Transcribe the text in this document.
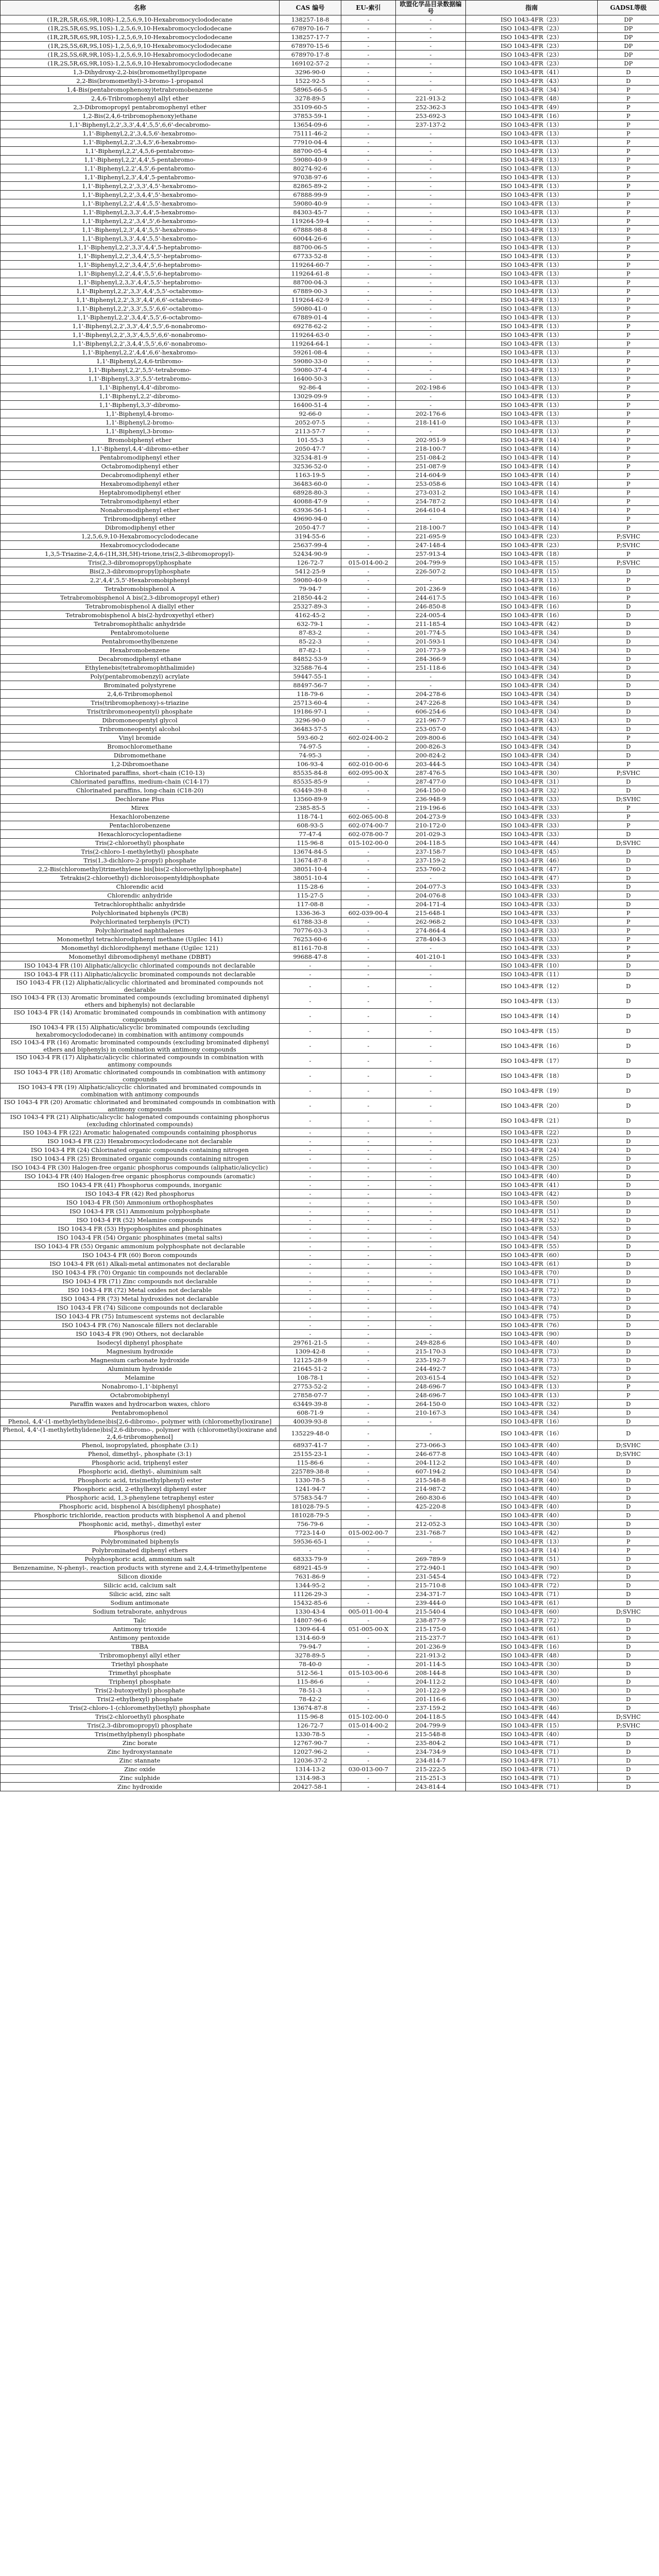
名称	CAS 编号	EU-索引	欧盟化学品目录数据编号	指南	GADSL等级
(1R,2R,5R,6S,9R,10R)-1,2,5,6,9,10-Hexabromocyclododecane	138257-18-8	-	-	ISO 1043-4FR（23）	DP
(1R,2S,5R,6S,9S,10S)-1,2,5,6,9,10-Hexabromocyclododecane	678970-16-7	-	-	ISO 1043-4FR（23）	DP
(1R,2R,5R,6S,9R,10S)-1,2,5,6,9,10-Hexabromocyclododecane	138257-17-7	-	-	ISO 1043-4FR（23）	DP
(1R,2S,5S,6R,9S,10S)-1,2,5,6,9,10-Hexabromocyclododecane	678970-15-6	-	-	ISO 1043-4FR（23）	DP
(1R,2S,5S,6R,9R,10S)-1,2,5,6,9,10-Hexabromocyclododecane	678970-17-8	-	-	ISO 1043-4FR（23）	DP
(1R,2S,5R,6S,9R,10S)-1,2,5,6,9,10-Hexabromocyclododecane	169102-57-2	-	-	ISO 1043-4FR（23）	DP
1,3-Dihydroxy-2,2-bis(bromomethyl)propane	3296-90-0	-	-	ISO 1043-4FR（41）	D
2,2-Bis(bromomethyl)-3-bromo-1-propanol	1522-92-5	-	-	ISO 1043-4FR（43）	D
1,4-Bis(pentabromophenoxy)tetrabromobenzene	58965-66-5	-	-	ISO 1043-4FR（34）	P
2,4,6-Tribromophenyl allyl ether	3278-89-5	-	221-913-2	ISO 1043-4FR（48）	P
2,3-Dibromopropyl pentabromophenyl ether	35109-60-5	-	252-362-3	ISO 1043-4FR（49）	P
1,2-Bis(2,4,6-tribromophenoxy)ethane	37853-59-1	-	253-692-3	ISO 1043-4FR（16）	P
1,1'-Biphenyl,2,2',3,3',4,4',5,5',6,6'-decabromo-	13654-09-6	-	237-137-2	ISO 1043-4FR（13）	P
1,1'-Biphenyl,2,2',3,4,5,6'-hexabromo-	75111-46-2	-	-	ISO 1043-4FR（13）	P
1,1'-Biphenyl,2,2',3,4,5',6-hexabromo-	77910-04-4	-	-	ISO 1043-4FR（13）	P
1,1'-Biphenyl,2,2',4,5,6-pentabromo-	88700-05-4	-	-	ISO 1043-4FR（13）	P
1,1'-Biphenyl,2,2',4,4',5-pentabromo-	59080-40-9	-	-	ISO 1043-4FR（13）	P
1,1'-Biphenyl,2,2',4,5',6-pentabromo-	80274-92-6	-	-	ISO 1043-4FR（13）	P
1,1'-Biphenyl,2,3',4,4',5-pentabromo-	97038-97-6	-	-	ISO 1043-4FR（13）	P
1,1'-Biphenyl,2,2',3,3',4,5'-hexabromo-	82865-89-2	-	-	ISO 1043-4FR（13）	P
1,1'-Biphenyl,2,2',3,4,4',5'-hexabromo-	67888-99-9	-	-	ISO 1043-4FR（13）	P
1,1'-Biphenyl,2,2',4,4',5,5'-hexabromo-	59080-40-9	-	-	ISO 1043-4FR（13）	P
1,1'-Biphenyl,2,3,3',4,4',5-hexabromo-	84303-45-7	-	-	ISO 1043-4FR（13）	P
1,1'-Biphenyl,2,2',3,4',5',6-hexabromo-	119264-59-4	-	-	ISO 1043-4FR（13）	P
1,1'-Biphenyl,2,3',4,4',5,5'-hexabromo-	67888-98-8	-	-	ISO 1043-4FR（13）	P
1,1'-Biphenyl,3,3',4,4',5,5'-hexabromo-	60044-26-6	-	-	ISO 1043-4FR（13）	P
1,1'-Biphenyl,2,2',3,3',4,4',5-heptabromo-	88700-06-5	-	-	ISO 1043-4FR（13）	P
1,1'-Biphenyl,2,2',3,4,4',5,5'-heptabromo-	67733-52-8	-	-	ISO 1043-4FR（13）	P
1,1'-Biphenyl,2,2',3,4,4',5',6-heptabromo-	119264-60-7	-	-	ISO 1043-4FR（13）	P
1,1'-Biphenyl,2,2',4,4',5,5',6-heptabromo-	119264-61-8	-	-	ISO 1043-4FR（13）	P
1,1'-Biphenyl,2,3,3',4,4',5,5'-heptabromo-	88700-04-3	-	-	ISO 1043-4FR（13）	P
1,1'-Biphenyl,2,2',3,3',4,4',5,5'-octabromo-	67889-00-3	-	-	ISO 1043-4FR（13）	P
1,1'-Biphenyl,2,2',3,3',4,4',6,6'-octabromo-	119264-62-9	-	-	ISO 1043-4FR（13）	P
1,1'-Biphenyl,2,2',3,3',5,5',6,6'-octabromo-	59080-41-0	-	-	ISO 1043-4FR（13）	P
1,1'-Biphenyl,2,2',3,4,4',5,5',6-octabromo-	67889-01-4	-	-	ISO 1043-4FR（13）	P
1,1'-Biphenyl,2,2',3,3',4,4',5,5',6-nonabromo-	69278-62-2	-	-	ISO 1043-4FR（13）	P
1,1'-Biphenyl,2,2',3,3',4,5,5',6,6'-nonabromo-	119264-63-0	-	-	ISO 1043-4FR（13）	P
1,1'-Biphenyl,2,2',3,4,4',5,5',6,6'-nonabromo-	119264-64-1	-	-	ISO 1043-4FR（13）	P
1,1'-Biphenyl,2,2',4,4',6,6'-hexabromo-	59261-08-4	-	-	ISO 1043-4FR（13）	P
1,1'-Biphenyl,2,4,6-tribromo-	59080-33-0	-	-	ISO 1043-4FR（13）	P
1,1'-Biphenyl,2,2',5,5'-tetrabromo-	59080-37-4	-	-	ISO 1043-4FR（13）	P
1,1'-Biphenyl,3,3',5,5'-tetrabromo-	16400-50-3	-	-	ISO 1043-4FR（13）	P
1,1'-Biphenyl,4,4'-dibromo-	92-86-4	-	202-198-6	ISO 1043-4FR（13）	P
1,1'-Biphenyl,2,2'-dibromo-	13029-09-9	-	-	ISO 1043-4FR（13）	P
1,1'-Biphenyl,3,3'-dibromo-	16400-51-4	-	-	ISO 1043-4FR（13）	P
1,1'-Biphenyl,4-bromo-	92-66-0	-	202-176-6	ISO 1043-4FR（13）	P
1,1'-Biphenyl,2-bromo-	2052-07-5	-	218-141-0	ISO 1043-4FR（13）	P
1,1'-Biphenyl,3-bromo-	2113-57-7	-	-	ISO 1043-4FR（13）	P
Bromobiphenyl ether	101-55-3	-	202-951-9	ISO 1043-4FR（14）	P
1,1'-Biphenyl,4,4'-dibromo-ether	2050-47-7	-	218-100-7	ISO 1043-4FR（14）	P
Pentabromodiphenyl ether	32534-81-9	-	251-084-2	ISO 1043-4FR（14）	P
Octabromodiphenyl ether	32536-52-0	-	251-087-9	ISO 1043-4FR（14）	P
Decabromodiphenyl ether	1163-19-5	-	214-604-9	ISO 1043-4FR（14）	P
Hexabromodiphenyl ether	36483-60-0	-	253-058-6	ISO 1043-4FR（14）	P
Heptabromodiphenyl ether	68928-80-3	-	273-031-2	ISO 1043-4FR（14）	P
Tetrabromodiphenyl ether	40088-47-9	-	254-787-2	ISO 1043-4FR（14）	P
Nonabromodiphenyl ether	63936-56-1	-	264-610-4	ISO 1043-4FR（14）	P
Tribromodiphenyl ether	49690-94-0	-	-	ISO 1043-4FR（14）	P
Dibromodiphenyl ether	2050-47-7	-	218-100-7	ISO 1043-4FR（14）	P
1,2,5,6,9,10-Hexabromocyclododecane	3194-55-6	-	221-695-9	ISO 1043-4FR（23）	P;SVHC
Hexabromocyclododecane	25637-99-4	-	247-148-4	ISO 1043-4FR（23）	P;SVHC
1,3,5-Triazine-2,4,6-(1H,3H,5H)-trione,tris(2,3-dibromopropyl)-	52434-90-9	-	257-913-4	ISO 1043-4FR（18）	P
Tris(2,3-dibromopropyl)phosphate	126-72-7	015-014-00-2	204-799-9	ISO 1043-4FR（15）	P;SVHC
Bis(2,3-dibromopropyl)phosphate	5412-25-9	-	226-507-2	ISO 1043-4FR（15）	D
2,2',4,4',5,5'-Hexabromobiphenyl	59080-40-9	-	-	ISO 1043-4FR（13）	P
Tetrabromobisphenol A	79-94-7	-	201-236-9	ISO 1043-4FR（16）	D
Tetrabromobisphenol A bis(2,3-dibromopropyl ether)	21850-44-2	-	244-617-5	ISO 1043-4FR（16）	P
Tetrabromobisphenol A diallyl ether	25327-89-3	-	246-850-8	ISO 1043-4FR（16）	D
Tetrabromobisphenol A bis(2-hydroxyethyl ether)	4162-45-2	-	224-005-4	ISO 1043-4FR（16）	D
Tetrabromophthalic anhydride	632-79-1	-	211-185-4	ISO 1043-4FR（42）	D
Pentabromotoluene	87-83-2	-	201-774-5	ISO 1043-4FR（34）	D
Pentabromoethylbenzene	85-22-3	-	201-593-1	ISO 1043-4FR（34）	D
Hexabromobenzene	87-82-1	-	201-773-9	ISO 1043-4FR（34）	D
Decabromodiphenyl ethane	84852-53-9	-	284-366-9	ISO 1043-4FR（34）	D
Ethylenebis(tetrabromophthalimide)	32588-76-4	-	251-118-6	ISO 1043-4FR（34）	D
Poly(pentabromobenzyl) acrylate	59447-55-1	-	-	ISO 1043-4FR（34）	D
Brominated polystyrene	88497-56-7	-	-	ISO 1043-4FR（34）	D
2,4,6-Tribromophenol	118-79-6	-	204-278-6	ISO 1043-4FR（34）	D
Tris(tribromophenoxy)-s-triazine	25713-60-4	-	247-226-8	ISO 1043-4FR（34）	D
Tris(tribromoneopentyl) phosphate	19186-97-1	-	606-254-6	ISO 1043-4FR（34）	D
Dibromoneopentyl glycol	3296-90-0	-	221-967-7	ISO 1043-4FR（43）	D
Tribromoneopentyl alcohol	36483-57-5	-	253-057-0	ISO 1043-4FR（43）	D
Vinyl bromide	593-60-2	602-024-00-2	209-800-6	ISO 1043-4FR（34）	P
Bromochloromethane	74-97-5	-	200-826-3	ISO 1043-4FR（34）	D
Dibromomethane	74-95-3	-	200-824-2	ISO 1043-4FR（34）	D
1,2-Dibromoethane	106-93-4	602-010-00-6	203-444-5	ISO 1043-4FR（34）	P
Chlorinated paraffins, short-chain (C10-13)	85535-84-8	602-095-00-X	287-476-5	ISO 1043-4FR（30）	P;SVHC
Chlorinated paraffins, medium-chain (C14-17)	85535-85-9	-	287-477-0	ISO 1043-4FR（31）	D
Chlorinated paraffins, long-chain (C18-20)	63449-39-8	-	264-150-0	ISO 1043-4FR（32）	D
Dechlorane Plus	13560-89-9	-	236-948-9	ISO 1043-4FR（33）	D;SVHC
Mirex	2385-85-5	-	219-196-6	ISO 1043-4FR（33）	P
Hexachlorobenzene	118-74-1	602-065-00-8	204-273-9	ISO 1043-4FR（33）	P
Pentachlorobenzene	608-93-5	602-074-00-7	210-172-0	ISO 1043-4FR（33）	P
Hexachlorocyclopentadiene	77-47-4	602-078-00-7	201-029-3	ISO 1043-4FR（33）	D
Tris(2-chloroethyl) phosphate	115-96-8	015-102-00-0	204-118-5	ISO 1043-4FR（44）	D;SVHC
Tris(2-chloro-1-methylethyl) phosphate	13674-84-5	-	237-158-7	ISO 1043-4FR（45）	D
Tris(1,3-dichloro-2-propyl) phosphate	13674-87-8	-	237-159-2	ISO 1043-4FR（46）	D
2,2-Bis(chloromethyl)trimethylene bis[bis(2-chloroethyl)phosphate]	38051-10-4	-	253-760-2	ISO 1043-4FR（47）	D
Tetrakis(2-chloroethyl) dichloroisopentyldiphosphate	38051-10-4	-	-	ISO 1043-4FR（47）	D
Chlorendic acid	115-28-6	-	204-077-3	ISO 1043-4FR（33）	D
Chlorendic anhydride	115-27-5	-	204-076-8	ISO 1043-4FR（33）	D
Tetrachlorophthalic anhydride	117-08-8	-	204-171-4	ISO 1043-4FR（33）	D
Polychlorinated biphenyls (PCB)	1336-36-3	602-039-00-4	215-648-1	ISO 1043-4FR（33）	P
Polychlorinated terphenyls (PCT)	61788-33-8	-	262-968-2	ISO 1043-4FR（33）	P
Polychlorinated naphthalenes	70776-03-3	-	274-864-4	ISO 1043-4FR（33）	P
Monomethyl tetrachlorodiphenyl methane (Ugilec 141)	76253-60-6	-	278-404-3	ISO 1043-4FR（33）	P
Monomethyl dichlorodiphenyl methane (Ugilec 121)	81161-70-8	-	-	ISO 1043-4FR（33）	P
Monomethyl dibromodiphenyl methane (DBBT)	99688-47-8	-	401-210-1	ISO 1043-4FR（33）	P
ISO 1043-4 FR (10) Aliphatic/alicyclic chlorinated compounds not declarable	-	-	-	ISO 1043-4FR（10）	D
ISO 1043-4 FR (11) Aliphatic/alicyclic brominated compounds not declarable	-	-	-	ISO 1043-4FR（11）	D
ISO 1043-4 FR (12) Aliphatic/alicyclic chlorinated and brominated compounds not declarable	-	-	-	ISO 1043-4FR（12）	D
ISO 1043-4 FR (13) Aromatic brominated compounds (excluding brominated diphenyl ethers and biphenyls) not declarable	-	-	-	ISO 1043-4FR（13）	D
ISO 1043-4 FR (14) Aromatic brominated compounds in combination with antimony compounds	-	-	-	ISO 1043-4FR（14）	D
ISO 1043-4 FR (15) Aliphatic/alicyclic brominated compounds (excluding hexabromocyclododecane) in combination with antimony compounds	-	-	-	ISO 1043-4FR（15）	D
ISO 1043-4 FR (16) Aromatic brominated compounds (excluding brominated diphenyl ethers and biphenyls) in combination with antimony compounds	-	-	-	ISO 1043-4FR（16）	D
ISO 1043-4 FR (17) Aliphatic/alicyclic chlorinated compounds in combination with antimony compounds	-	-	-	ISO 1043-4FR（17）	D
ISO 1043-4 FR (18) Aromatic chlorinated compounds in combination with antimony compounds	-	-	-	ISO 1043-4FR（18）	D
ISO 1043-4 FR (19) Aliphatic/alicyclic chlorinated and brominated compounds in combination with antimony compounds	-	-	-	ISO 1043-4FR（19）	D
ISO 1043-4 FR (20) Aromatic chlorinated and brominated compounds in combination with antimony compounds	-	-	-	ISO 1043-4FR（20）	D
ISO 1043-4 FR (21) Aliphatic/alicyclic halogenated compounds containing phosphorus (excluding chlorinated compounds)	-	-	-	ISO 1043-4FR（21）	D
ISO 1043-4 FR (22) Aromatic halogenated compounds containing phosphorus	-	-	-	ISO 1043-4FR（22）	D
ISO 1043-4 FR (23) Hexabromocyclododecane not declarable	-	-	-	ISO 1043-4FR（23）	D
ISO 1043-4 FR (24) Chlorinated organic compounds containing nitrogen	-	-	-	ISO 1043-4FR（24）	D
ISO 1043-4 FR (25) Brominated organic compounds containing nitrogen	-	-	-	ISO 1043-4FR（25）	D
ISO 1043-4 FR (30) Halogen-free organic phosphorus compounds (aliphatic/alicyclic)	-	-	-	ISO 1043-4FR（30）	D
ISO 1043-4 FR (40) Halogen-free organic phosphorus compounds (aromatic)	-	-	-	ISO 1043-4FR（40）	D
ISO 1043-4 FR (41) Phosphorus compounds, inorganic	-	-	-	ISO 1043-4FR（41）	D
ISO 1043-4 FR (42) Red phosphorus	-	-	-	ISO 1043-4FR（42）	D
ISO 1043-4 FR (50) Ammonium orthophosphates	-	-	-	ISO 1043-4FR（50）	D
ISO 1043-4 FR (51) Ammonium polyphosphate	-	-	-	ISO 1043-4FR（51）	D
ISO 1043-4 FR (52) Melamine compounds	-	-	-	ISO 1043-4FR（52）	D
ISO 1043-4 FR (53) Hypophosphites and phosphinates	-	-	-	ISO 1043-4FR（53）	D
ISO 1043-4 FR (54) Organic phosphinates (metal salts)	-	-	-	ISO 1043-4FR（54）	D
ISO 1043-4 FR (55) Organic ammonium polyphosphate not declarable	-	-	-	ISO 1043-4FR（55）	D
ISO 1043-4 FR (60) Boron compounds	-	-	-	ISO 1043-4FR（60）	D
ISO 1043-4 FR (61) Alkali-metal antimonates not declarable	-	-	-	ISO 1043-4FR（61）	D
ISO 1043-4 FR (70) Organic tin compounds not declarable	-	-	-	ISO 1043-4FR（70）	D
ISO 1043-4 FR (71) Zinc compounds not declarable	-	-	-	ISO 1043-4FR（71）	D
ISO 1043-4 FR (72) Metal oxides not declarable	-	-	-	ISO 1043-4FR（72）	D
ISO 1043-4 FR (73) Metal hydroxides not declarable	-	-	-	ISO 1043-4FR（73）	D
ISO 1043-4 FR (74) Silicone compounds not declarable	-	-	-	ISO 1043-4FR（74）	D
ISO 1043-4 FR (75) Intumescent systems not declarable	-	-	-	ISO 1043-4FR（75）	D
ISO 1043-4 FR (76) Nanoscale fillers not declarable	-	-	-	ISO 1043-4FR（76）	D
ISO 1043-4 FR (90) Others, not declarable	-	-	-	ISO 1043-4FR（90）	D
Isodecyl diphenyl phosphate	29761-21-5	-	249-828-6	ISO 1043-4FR（40）	D
Magnesium hydroxide	1309-42-8	-	215-170-3	ISO 1043-4FR（73）	D
Magnesium carbonate hydroxide	12125-28-9	-	235-192-7	ISO 1043-4FR（73）	D
Aluminium hydroxide	21645-51-2	-	244-492-7	ISO 1043-4FR（73）	D
Melamine	108-78-1	-	203-615-4	ISO 1043-4FR（52）	D
Nonabromo-1,1'-biphenyl	27753-52-2	-	248-696-7	ISO 1043-4FR（13）	P
Octabromobiphenyl	27858-07-7	-	248-696-7	ISO 1043-4FR（13）	P
Paraffin waxes and hydrocarbon waxes, chloro	63449-39-8	-	264-150-0	ISO 1043-4FR（32）	D
Pentabromophenol	608-71-9	-	210-167-3	ISO 1043-4FR（34）	D
Phenol, 4,4'-(1-methylethylidene)bis[2,6-dibromo-, polymer with (chloromethyl)oxirane]	40039-93-8	-	-	ISO 1043-4FR（16）	D
Phenol, 4,4'-(1-methylethylidene)bis[2,6-dibromo-, polymer with (chloromethyl)oxirane and 2,4,6-tribromophenol]	135229-48-0	-	-	ISO 1043-4FR（16）	D
Phenol, isopropylated, phosphate (3:1)	68937-41-7	-	273-066-3	ISO 1043-4FR（40）	D;SVHC
Phenol, dimethyl-, phosphate (3:1)	25155-23-1	-	246-677-8	ISO 1043-4FR（40）	D;SVHC
Phosphoric acid, triphenyl ester	115-86-6	-	204-112-2	ISO 1043-4FR（40）	D
Phosphoric acid, diethyl-, aluminium salt	225789-38-8	-	607-194-2	ISO 1043-4FR（54）	D
Phosphoric acid, tris(methylphenyl) ester	1330-78-5	-	215-548-8	ISO 1043-4FR（40）	D
Phosphoric acid, 2-ethylhexyl diphenyl ester	1241-94-7	-	214-987-2	ISO 1043-4FR（40）	D
Phosphoric acid, 1,3-phenylene tetraphenyl ester	57583-54-7	-	260-830-6	ISO 1043-4FR（40）	D
Phosphoric acid, bisphenol A bis(diphenyl phosphate)	181028-79-5	-	425-220-8	ISO 1043-4FR（40）	D
Phosphoric trichloride, reaction products with bisphenol A and phenol	181028-79-5	-	-	ISO 1043-4FR（40）	D
Phosphonic acid, methyl-, dimethyl ester	756-79-6	-	212-052-3	ISO 1043-4FR（30）	D
Phosphorus (red)	7723-14-0	015-002-00-7	231-768-7	ISO 1043-4FR（42）	D
Polybrominated biphenyls	59536-65-1	-	-	ISO 1043-4FR（13）	P
Polybrominated diphenyl ethers	-	-	-	ISO 1043-4FR（14）	P
Polyphosphoric acid, ammonium salt	68333-79-9	-	269-789-9	ISO 1043-4FR（51）	D
Benzenamine, N-phenyl-, reaction products with styrene and 2,4,4-trimethylpentene	68921-45-9	-	272-940-1	ISO 1043-4FR（90）	D
Silicon dioxide	7631-86-9	-	231-545-4	ISO 1043-4FR（72）	D
Silicic acid, calcium salt	1344-95-2	-	215-710-8	ISO 1043-4FR（72）	D
Silicic acid, zinc salt	11126-29-3	-	234-371-7	ISO 1043-4FR（71）	D
Sodium antimonate	15432-85-6	-	239-444-0	ISO 1043-4FR（61）	D
Sodium tetraborate, anhydrous	1330-43-4	005-011-00-4	215-540-4	ISO 1043-4FR（60）	D;SVHC
Talc	14807-96-6	-	238-877-9	ISO 1043-4FR（72）	D
Antimony trioxide	1309-64-4	051-005-00-X	215-175-0	ISO 1043-4FR（61）	D
Antimony pentoxide	1314-60-9	-	215-237-7	ISO 1043-4FR（61）	D
TBBA	79-94-7	-	201-236-9	ISO 1043-4FR（16）	D
Tribromophenyl allyl ether	3278-89-5	-	221-913-2	ISO 1043-4FR（48）	D
Triethyl phosphate	78-40-0	-	201-114-5	ISO 1043-4FR（30）	D
Trimethyl phosphate	512-56-1	015-103-00-6	208-144-8	ISO 1043-4FR（30）	D
Triphenyl phosphate	115-86-6	-	204-112-2	ISO 1043-4FR（40）	D
Tris(2-butoxyethyl) phosphate	78-51-3	-	201-122-9	ISO 1043-4FR（30）	D
Tris(2-ethylhexyl) phosphate	78-42-2	-	201-116-6	ISO 1043-4FR（30）	D
Tris(2-chloro-1-(chloromethyl)ethyl) phosphate	13674-87-8	-	237-159-2	ISO 1043-4FR（46）	D
Tris(2-chloroethyl) phosphate	115-96-8	015-102-00-0	204-118-5	ISO 1043-4FR（44）	D;SVHC
Tris(2,3-dibromopropyl) phosphate	126-72-7	015-014-00-2	204-799-9	ISO 1043-4FR（15）	P;SVHC
Tris(methylphenyl) phosphate	1330-78-5	-	215-548-8	ISO 1043-4FR（40）	D
Zinc borate	12767-90-7	-	235-804-2	ISO 1043-4FR（71）	D
Zinc hydroxystannate	12027-96-2	-	234-734-9	ISO 1043-4FR（71）	D
Zinc stannate	12036-37-2	-	234-814-7	ISO 1043-4FR（71）	D
Zinc oxide	1314-13-2	030-013-00-7	215-222-5	ISO 1043-4FR（71）	D
Zinc sulphide	1314-98-3	-	215-251-3	ISO 1043-4FR（71）	D
Zinc hydroxide	20427-58-1	-	243-814-4	ISO 1043-4FR（71）	D
